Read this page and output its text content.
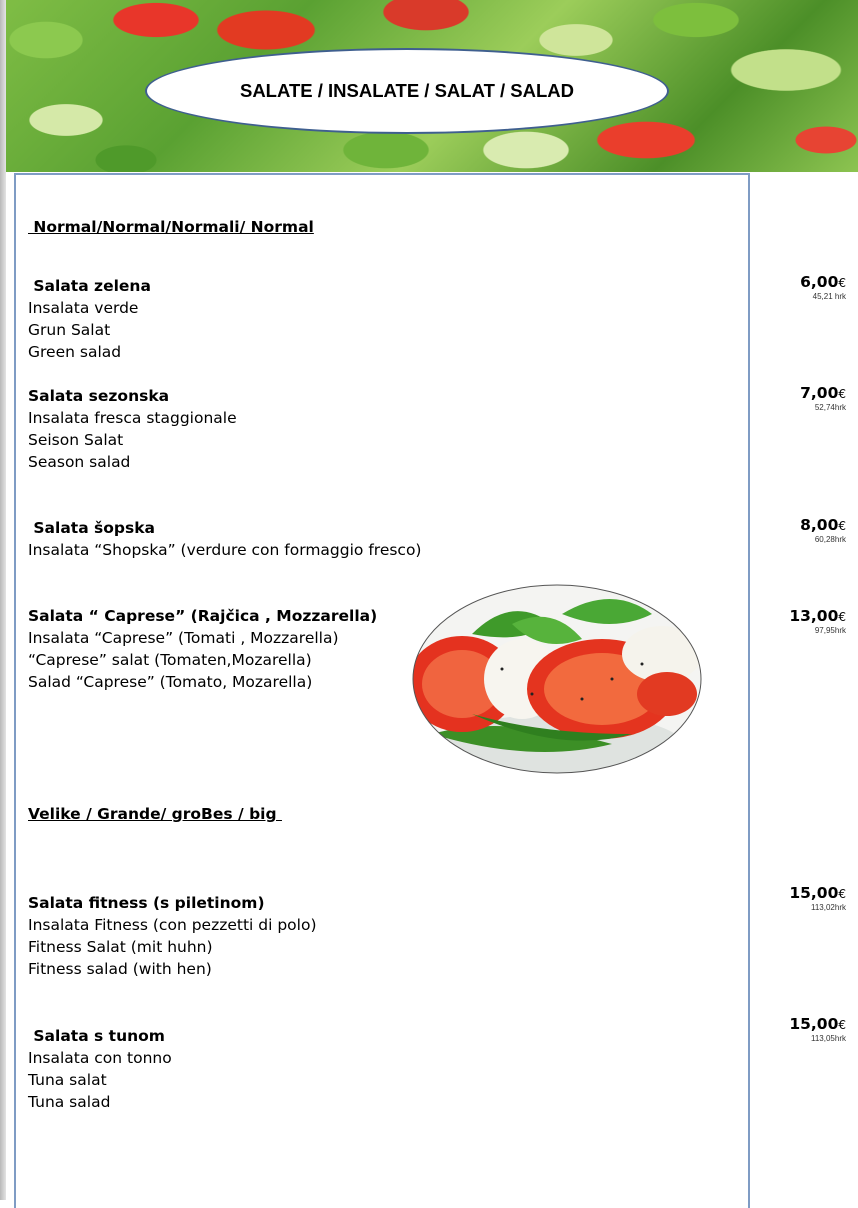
SALATE / INSALATE / SALAT / SALAD
Normal/Normal/Normali/ Normal
Velike / Grande/ groBes / big
Salata zelena
Insalata verde
Grun Salat
Green salad
6,00€
45,21 hrk
Salata sezonska
Insalata fresca staggionale
Seison Salat
Season salad
7,00€
52,74hrk
Salata šopska
Insalata “Shopska” (verdure con formaggio fresco)
8,00€
60,28hrk
Salata “ Caprese” (Rajčica , Mozzarella)
Insalata “Caprese” (Tomati , Mozzarella)
“Caprese” salat (Tomaten,Mozarella)
Salad “Caprese” (Tomato, Mozarella)
13,00€
97,95hrk
Salata fitness (s piletinom)
Insalata Fitness (con pezzetti di polo)
Fitness Salat (mit huhn)
Fitness salad (with hen)
15,00€
113,02hrk
Salata s tunom
Insalata con tonno
Tuna salat
Tuna salad
15,00€
113,05hrk
